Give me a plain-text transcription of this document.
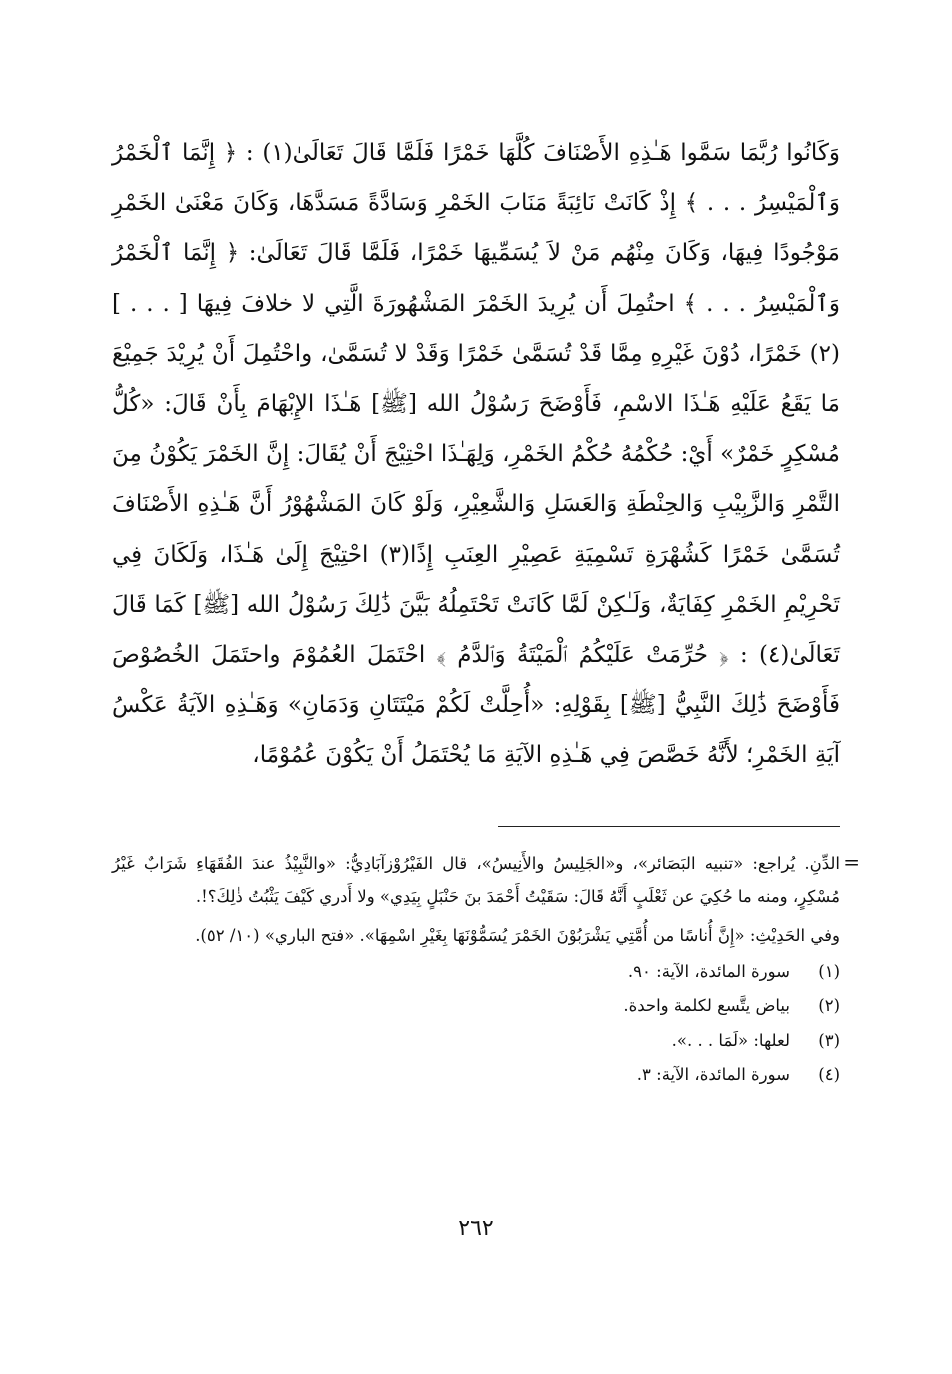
وَكَانُوا رُبَّمَا سَمَّوا هَـٰذِهِ الأَصْنَافَ كُلَّهَا خَمْرًا فَلَمَّا قَالَ تَعَالَىٰ(١) : ﴿ إِنَّمَا ٱلْخَمْرُ وَٱلْمَيْسِرُ . . . ﴾ إِذْ كَانَتْ نَائِبَةً مَنَابَ الخَمْرِ وَسَادَّةً مَسَدَّهَا، وَكَانَ مَعْنَىٰ الخَمْرِ مَوْجُودًا فِيهَا، وَكَانَ مِنْهُم مَنْ لاَ يُسَمِّيهَا خَمْرًا، فَلَمَّا قَالَ تَعَالَىٰ: ﴿ إِنَّمَا ٱلْخَمْرُ وَٱلْمَيْسِرُ . . . ﴾ احتُمِلَ أَن يُرِيدَ الخَمْرَ المَشْهُورَةَ الَّتِي لا خلافَ فِيهَا [ . . . ](٢) خَمْرًا، دُوْنَ غَيْرِهِ مِمَّا قَدْ تُسَمَّىٰ خَمْرًا وَقَدْ لا تُسَمَّىٰ، واحْتُمِلَ أَنْ يُرِيْدَ جَمِيْعَ مَا يَقَعُ عَلَيْهِ هَـٰذَا الاسْمِ، فَأَوْضَحَ رَسُوْلُ الله [ﷺ] هَـٰذَا الإِبْهَامَ بِأَنْ قَالَ: «كُلُّ مُسْكِرٍ خَمْرٌ» أَيْ: حُكْمُهُ حُكْمُ الخَمْرِ، وَلِهَـٰذَا احْتِيْجَ أَنْ يُقَالَ: إِنَّ الخَمْرَ يَكُوْنُ مِنَ التَّمْرِ وَالزَّبِيْبِ وَالحِنْطَةِ وَالعَسَلِ وَالشَّعِيْرِ، وَلَوْ كَانَ المَشْهُوْرُ أَنَّ هَـٰذِهِ الأَصْنَافَ تُسَمَّىٰ خَمْرًا كَشُهْرَةِ تَسْمِيَةِ عَصِيْرِ العِنَبِ إِذًا(٣) احْتِيْجَ إِلَىٰ هَـٰذَا، وَلَكَانَ فِي تَحْرِيْمِ الخَمْرِ كِفَايَةٌ، وَلَـٰكِنْ لَمَّا كَانَتْ تَحْتَمِلُهُ بَيَّنَ ذَٰلِكَ رَسُوْلُ الله [ﷺ] كَمَا قَالَ تَعَالَىٰ(٤) : ﴿ حُرِّمَتْ عَلَيْكُمُ ٱلْمَيْتَةُ وَٱلدَّمُ ﴾ احْتَمَلَ العُمُوْمَ واحتَمَلَ الخُصُوْصَ فَأَوْضَحَ ذَٰلِكَ النَّبِيُّ [ﷺ] بِقَوْلِهِ: «أُحِلَّتْ لَكُمْ مَيْتَتَانِ وَدَمَانِ» وَهَـٰذِهِ الآيَةُ عَكْسُ آيَةِ الخَمْرِ؛ لأَنَّهُ خَصَّصَ فِي هَـٰذِهِ الآيَةِ مَا يُحْتَمَلُ أَنْ يَكُوْنَ عُمُوْمًا،

=

الدِّنِ. يُراجع: «تنبيه البَصَائر»، و«الجَلِيسُ والأَنِيسُ»، قال الفَيْرُوْزآبَادِيُّ: «والنَّبِيْذُ عندَ الفُقَهَاءِ شَرَابٌ غَيْرُ مُسْكِرٍ، ومنه ما حُكِيَ عن ثَعْلَبٍ أَنَّهُ قَالَ: سَقَيْتُ أَحْمَدَ بنَ حَنْبَلٍ بِيَدِي» ولا أَدري كَيْفَ يَثْبُتُ ذٰلِكَ؟!.

وفي الحَدِيْثِ: «إِنَّ أُناسًا من أُمَّتِي يَشْرَبُوْنَ الخَمْرَ يُسَمُّوْنَهَا بِغَيْرِ اسْمِهَا». «فتح الباري» (١٠/ ٥٢).

(١)
سورة المائدة، الآية: ٩٠.
(٢)
بياض يتَّسع لكلمة واحدة.
(٣)
لعلها: «لَمَا . . .».
(٤)
سورة المائدة، الآية: ٣.
٢٦٢
